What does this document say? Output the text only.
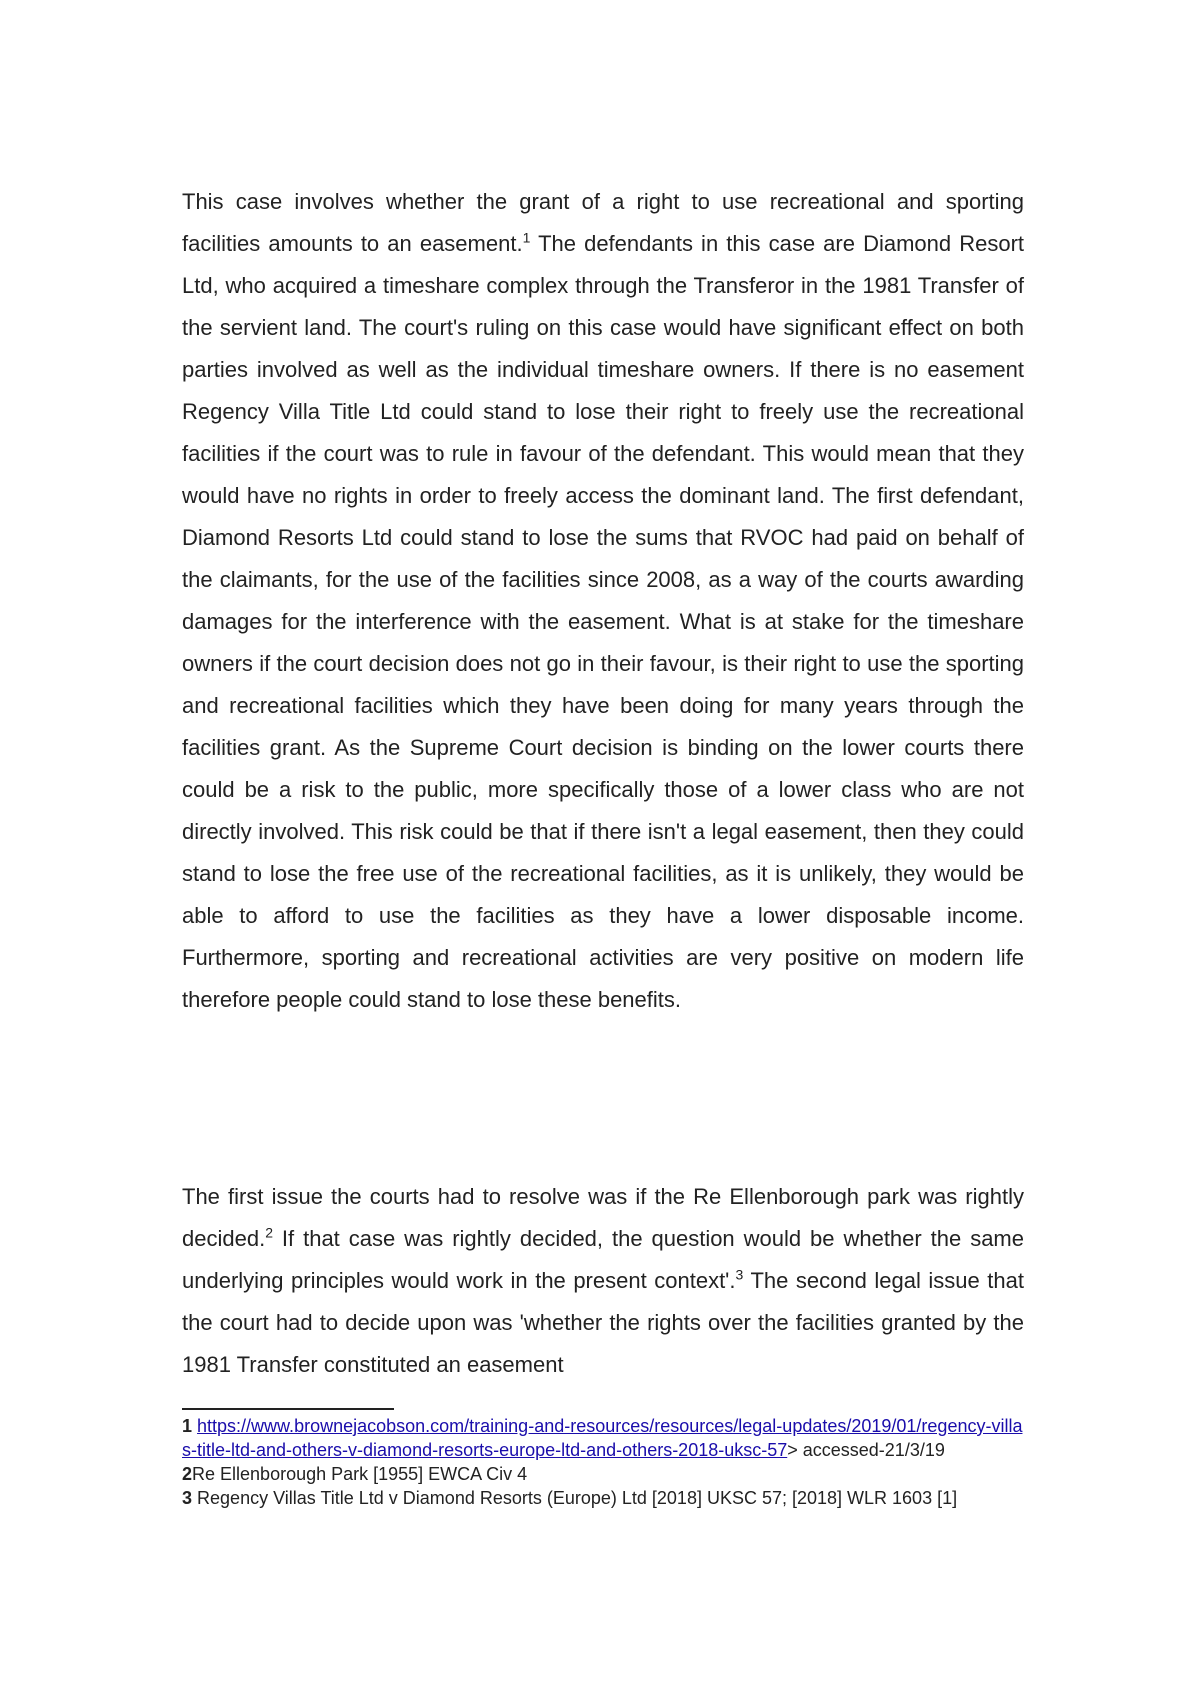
This case involves whether the grant of a right to use recreational and sporting facilities amounts to an easement.$^1$ The defendants in this case are Diamond Resort Ltd, who acquired a timeshare complex through the Transferor in the 1981 Transfer of the servient land. The court's ruling on this case would have significant effect on both parties involved as well as the individual timeshare owners. If there is no easement Regency Villa Title Ltd could stand to lose their right to freely use the recreational facilities if the court was to rule in favour of the defendant. This would mean that they would have no rights in order to freely access the dominant land. The first defendant, Diamond Resorts Ltd could stand to lose the sums that RVOC had paid on behalf of the claimants, for the use of the facilities since 2008, as a way of the courts awarding damages for the interference with the easement. What is at stake for the timeshare owners if the court decision does not go in their favour, is their right to use the sporting and recreational facilities which they have been doing for many years through the facilities grant. As the Supreme Court decision is binding on the lower courts there could be a risk to the public, more specifically those of a lower class who are not directly involved. This risk could be that if there isn't a legal easement, then they could stand to lose the free use of the recreational facilities, as it is unlikely, they would be able to afford to use the facilities as they have a lower disposable income. Furthermore, sporting and recreational activities are very positive on modern life therefore people could stand to lose these benefits.

The first issue the courts had to resolve was if the Re Ellenborough park was rightly decided.$^2$ If that case was rightly decided, the question would be whether the same underlying principles would work in the present context'.$^3$ The second legal issue that the court had to decide upon was 'whether the rights over the facilities granted by the 1981 Transfer constituted an easement

1 https://www.brownejacobson.com/training-and-resources/resources/legal-updates/2019/01/regency-villas-title-ltd-and-others-v-diamond-resorts-europe-ltd-and-others-2018-uksc-57> accessed-21/3/19

2Re Ellenborough Park [1955] EWCA Civ 4

3 Regency Villas Title Ltd v Diamond Resorts (Europe) Ltd [2018] UKSC 57; [2018] WLR 1603 [1]
